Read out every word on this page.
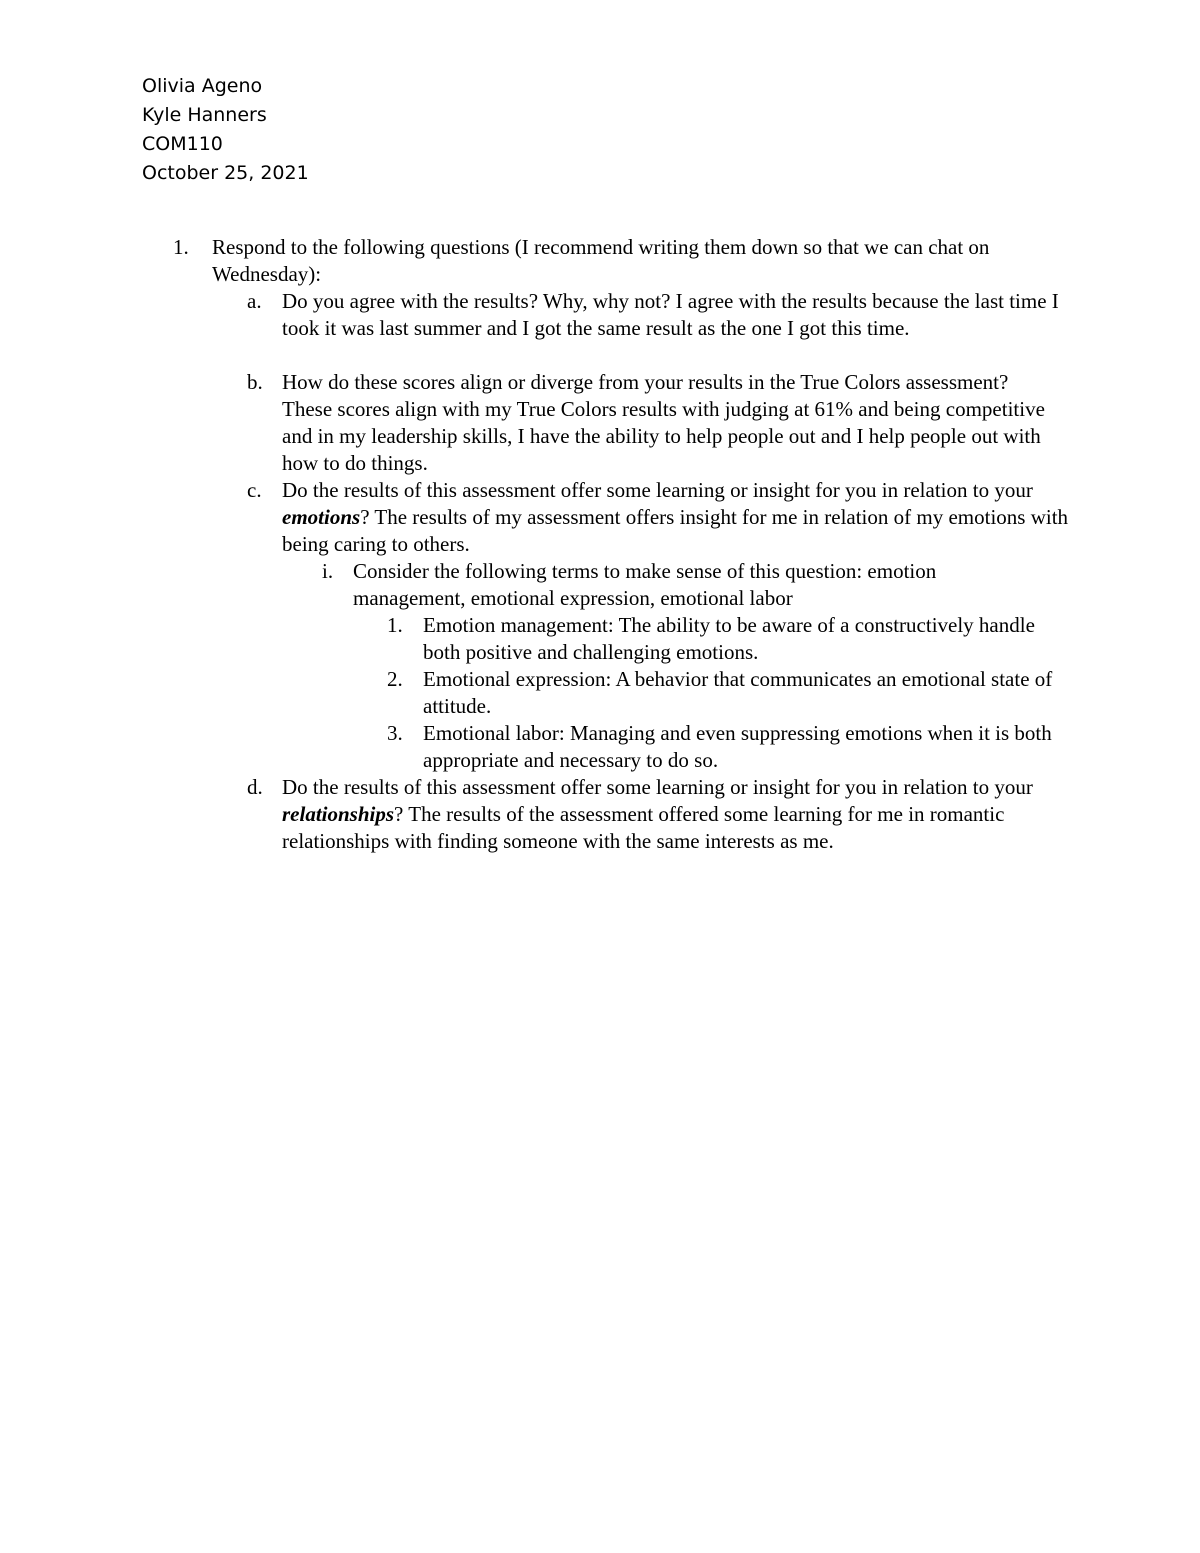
Olivia Ageno
Kyle Hanners
COM110
October 25, 2021
1. Respond to the following questions (I recommend writing them down so that we can chat on Wednesday):
a. Do you agree with the results? Why, why not? I agree with the results because the last time I took it was last summer and I got the same result as the one I got this time.
b. How do these scores align or diverge from your results in the True Colors assessment? These scores align with my True Colors results with judging at 61% and being competitive and in my leadership skills, I have the ability to help people out and I help people out with how to do things.
c. Do the results of this assessment offer some learning or insight for you in relation to your emotions? The results of my assessment offers insight for me in relation of my emotions with being caring to others.
i. Consider the following terms to make sense of this question: emotion management, emotional expression, emotional labor
1. Emotion management: The ability to be aware of a constructively handle both positive and challenging emotions.
2. Emotional expression: A behavior that communicates an emotional state of attitude.
3. Emotional labor: Managing and even suppressing emotions when it is both appropriate and necessary to do so.
d. Do the results of this assessment offer some learning or insight for you in relation to your relationships? The results of the assessment offered some learning for me in romantic relationships with finding someone with the same interests as me.
